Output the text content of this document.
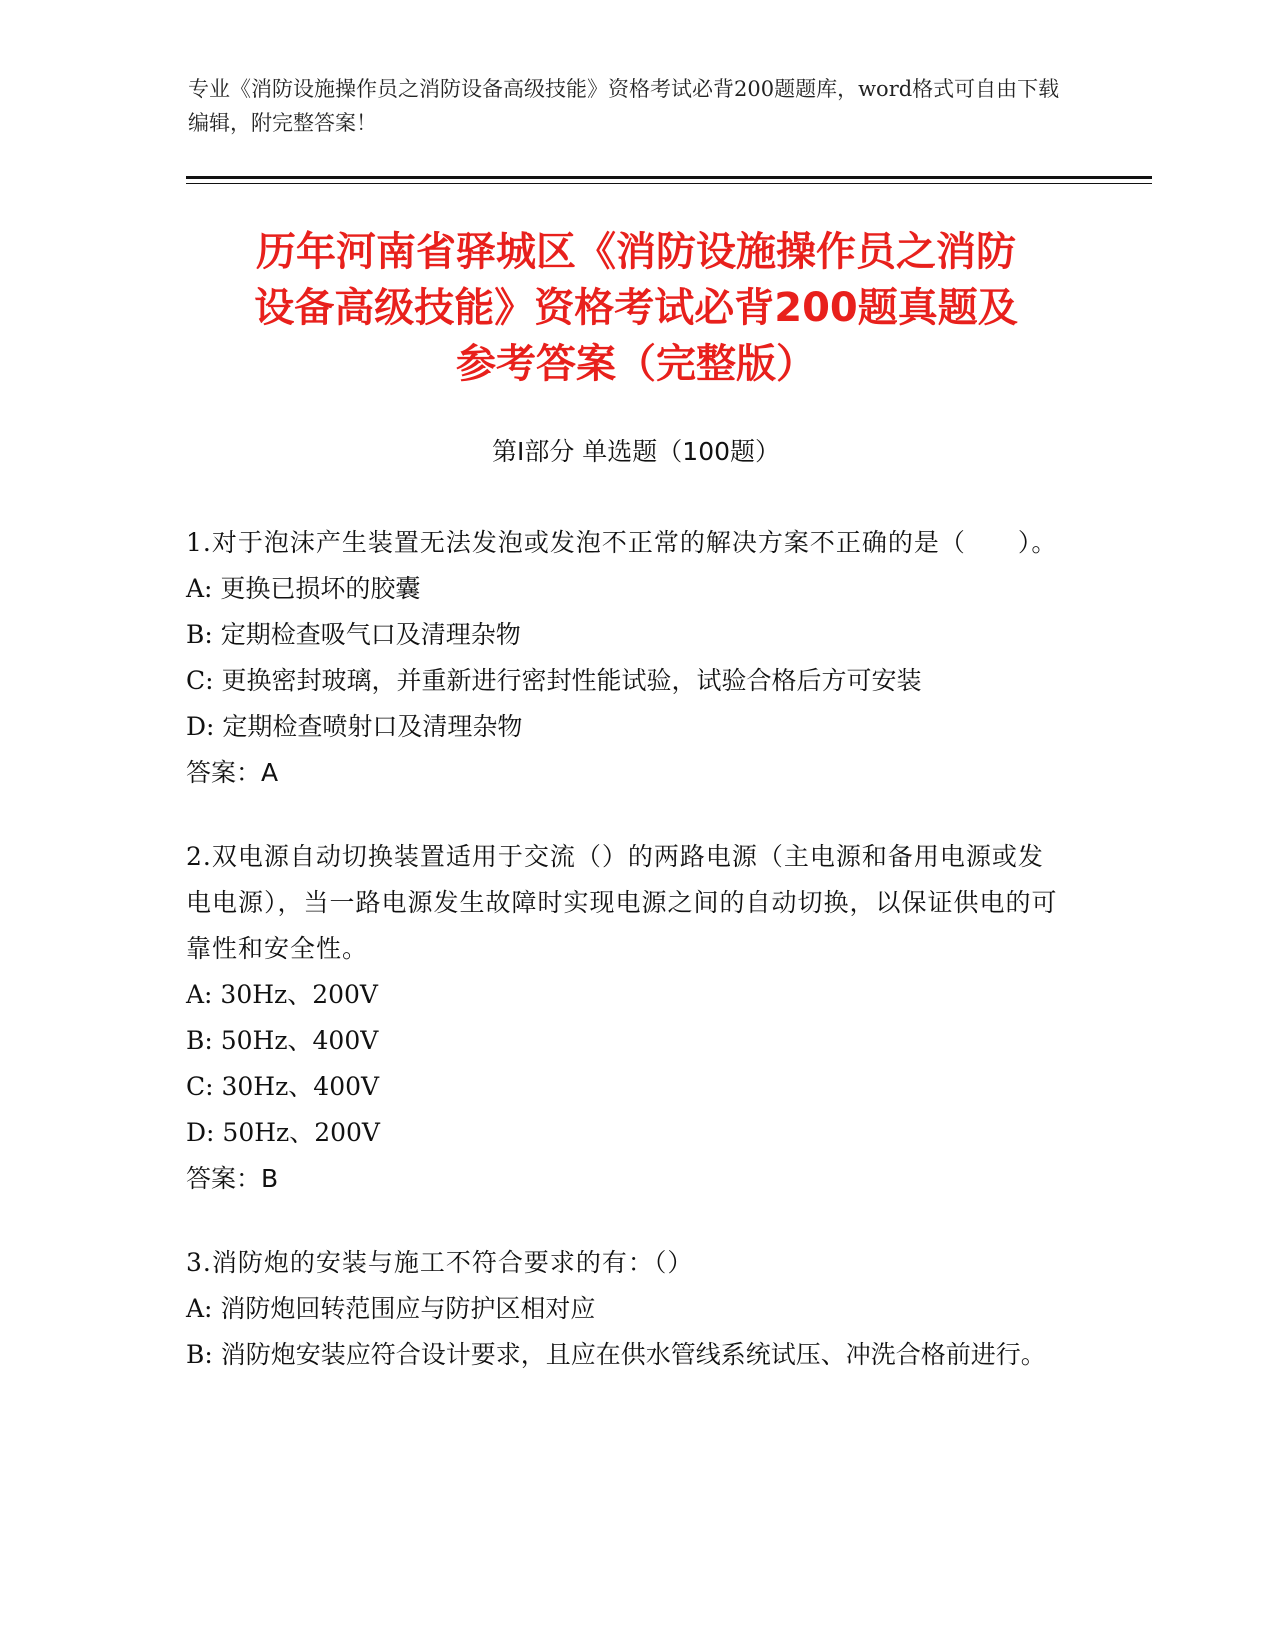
专业《消防设施操作员之消防设备高级技能》资格考试必背200题题库，word格式可自由下载编辑，附完整答案！
历年河南省驿城区《消防设施操作员之消防
设备高级技能》资格考试必背200题真题及
参考答案（完整版）
第Ⅰ部分 单选题（100题）
1.对于泡沫产生装置无法发泡或发泡不正常的解决方案不正确的是（　　）。
A: 更换已损坏的胶囊
B: 定期检查吸气口及清理杂物
C: 更换密封玻璃，并重新进行密封性能试验，试验合格后方可安装
D: 定期检查喷射口及清理杂物
答案：A
2.双电源自动切换装置适用于交流（）的两路电源（主电源和备用电源或发电电源），当一路电源发生故障时实现电源之间的自动切换，以保证供电的可靠性和安全性。
A: 30Hz、200V
B: 50Hz、400V
C: 30Hz、400V
D: 50Hz、200V
答案：B
3.消防炮的安装与施工不符合要求的有：（）
A: 消防炮回转范围应与防护区相对应
B: 消防炮安装应符合设计要求，且应在供水管线系统试压、冲洗合格前进行。
